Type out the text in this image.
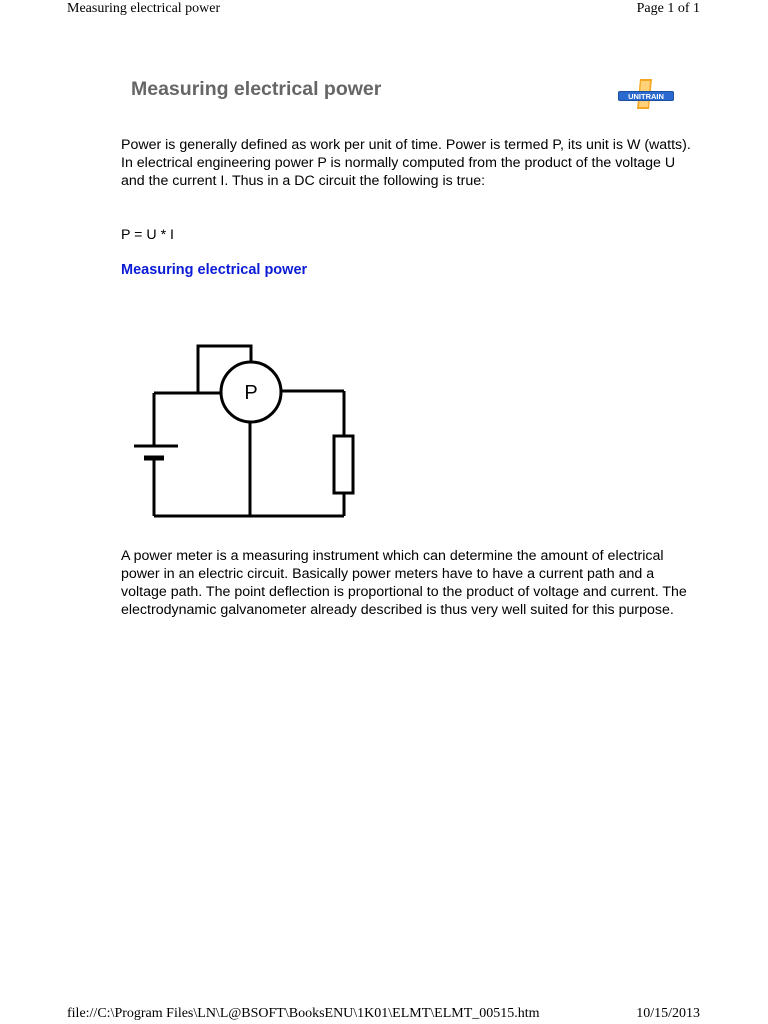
Measuring electrical power	Page 1 of 1
Measuring electrical power	UNITRAIN

Power is generally defined as work per unit of time. Power is termed P, its unit is W (watts).

In electrical engineering power P is normally computed from the product of the voltage U and the current I. Thus in a DC circuit the following is true:

P = U * I
Measuring electrical power
P
A power meter is a measuring instrument which can determine the amount of electrical power in an electric circuit. Basically power meters have to have a current path and a voltage path. The point deflection is proportional to the product of voltage and current. The electrodynamic galvanometer already described is thus very well suited for this purpose.
file://C:\Program Files\LN\L@BSOFT\BooksENU\1K01\ELMT\ELMT_00515.htm	10/15/2013
